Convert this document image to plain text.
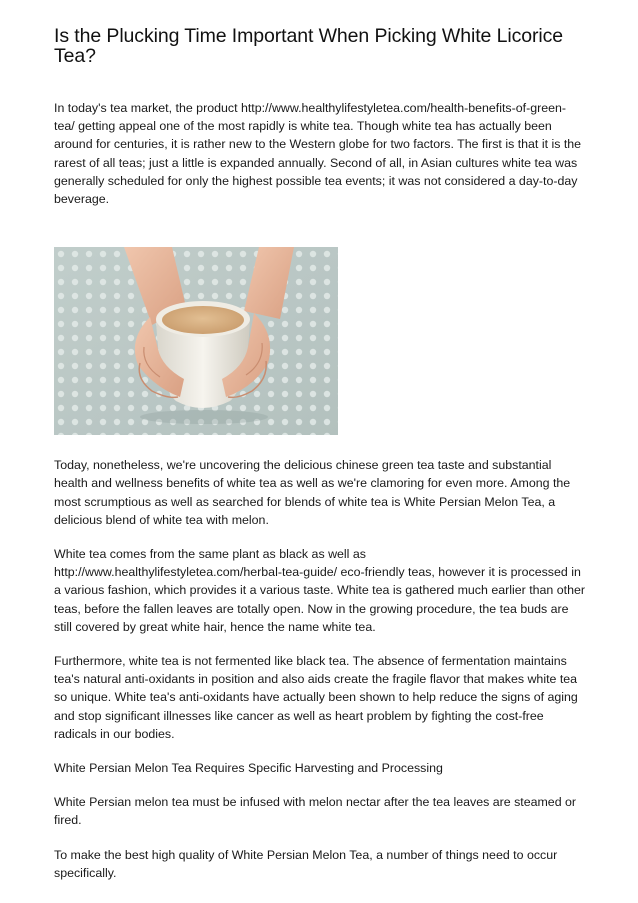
Is the Plucking Time Important When Picking White Licorice Tea?

In today's tea market, the product http://www.healthylifestyletea.com/health-benefits-of-green-tea/ getting appeal one of the most rapidly is white tea. Though white tea has actually been around for centuries, it is rather new to the Western globe for two factors. The first is that it is the rarest of all teas; just a little is expanded annually. Second of all, in Asian cultures white tea was generally scheduled for only the highest possible tea events; it was not considered a day-to-day beverage.

Today, nonetheless, we're uncovering the delicious chinese green tea taste and substantial health and wellness benefits of white tea as well as we're clamoring for even more. Among the most scrumptious as well as searched for blends of white tea is White Persian Melon Tea, a delicious blend of white tea with melon.

White tea comes from the same plant as black as well as http://www.healthylifestyletea.com/herbal-tea-guide/ eco-friendly teas, however it is processed in a various fashion, which provides it a various taste. White tea is gathered much earlier than other teas, before the fallen leaves are totally open. Now in the growing procedure, the tea buds are still covered by great white hair, hence the name white tea.

Furthermore, white tea is not fermented like black tea. The absence of fermentation maintains tea's natural anti-oxidants in position and also aids create the fragile flavor that makes white tea so unique. White tea's anti-oxidants have actually been shown to help reduce the signs of aging and stop significant illnesses like cancer as well as heart problem by fighting the cost-free radicals in our bodies.

White Persian Melon Tea Requires Specific Harvesting and Processing

White Persian melon tea must be infused with melon nectar after the tea leaves are steamed or fired.

To make the best high quality of White Persian Melon Tea, a number of things need to occur specifically.
